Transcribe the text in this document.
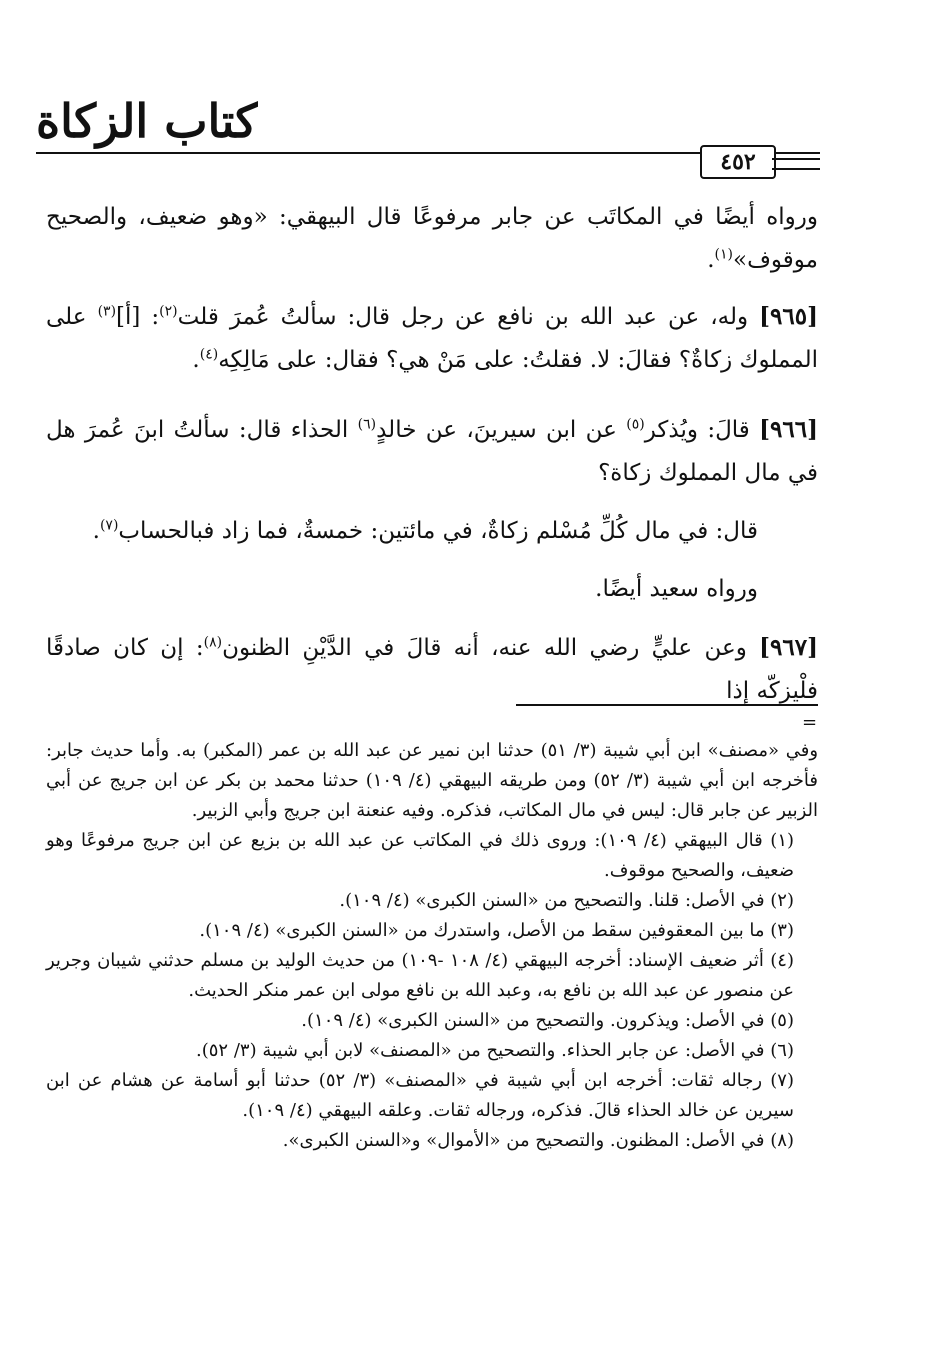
كتاب الزكاة
٤٥٢

ورواه أيضًا في المكاتَب عن جابر مرفوعًا قال البيهقي: «وهو ضعيف، والصحيح موقوف»$^{(١)}$.

[٩٦٥] وله، عن عبد الله بن نافع عن رجل قال: سألتُ عُمرَ قلت$^{(٢)}$: [أ]$^{(٣)}$ على المملوك زكاةٌ؟ فقالَ: لا. فقلتُ: على مَنْ هي؟ فقال: على مَالِكِه$^{(٤)}$.

[٩٦٦] قالَ: ويُذكر$^{(٥)}$ عن ابن سيرينَ، عن خالدٍ$^{(٦)}$ الحذاء قال: سألتُ ابنَ عُمرَ هل في مال المملوك زكاة؟

قال: في مال كُلِّ مُسْلم زكاةٌ، في مائتين: خمسةٌ، فما زاد فبالحساب$^{(٧)}$.

ورواه سعيد أيضًا.

[٩٦٧] وعن عليٍّ رضي الله عنه، أنه قالَ في الدَّيْنِ الظنون$^{(٨)}$: إن كان صادقًا فلْيزكّه إذا

=

وفي «مصنف» ابن أبي شيبة (٣/ ٥١) حدثنا ابن نمير عن عبد الله بن عمر (المكبر) به. وأما حديث جابر: فأخرجه ابن أبي شيبة (٣/ ٥٢) ومن طريقه البيهقي (٤/ ١٠٩) حدثنا محمد بن بكر عن ابن جريج عن أبي الزبير عن جابر قال: ليس في مال المكاتب، فذكره. وفيه عنعنة ابن جريج وأبي الزبير.

(١) قال البيهقي (٤/ ١٠٩): وروى ذلك في المكاتب عن عبد الله بن بزيع عن ابن جريج مرفوعًا وهو ضعيف، والصحيح موقوف.

(٢) في الأصل: قلنا. والتصحيح من «السنن الكبرى» (٤/ ١٠٩).

(٣) ما بين المعقوفين سقط من الأصل، واستدرك من «السنن الكبرى» (٤/ ١٠٩).

(٤) أثر ضعيف الإسناد: أخرجه البيهقي (٤/ ١٠٨ -١٠٩) من حديث الوليد بن مسلم حدثني شيبان وجرير عن منصور عن عبد الله بن نافع به، وعبد الله بن نافع مولى ابن عمر منكر الحديث.

(٥) في الأصل: ويذكرون. والتصحيح من «السنن الكبرى» (٤/ ١٠٩).

(٦) في الأصل: عن جابر الحذاء. والتصحيح من «المصنف» لابن أبي شيبة (٣/ ٥٢).

(٧) رجاله ثقات: أخرجه ابن أبي شيبة في «المصنف» (٣/ ٥٢) حدثنا أبو أسامة عن هشام عن ابن سيرين عن خالد الحذاء قالَ. فذكره، ورجاله ثقات. وعلقه البيهقي (٤/ ١٠٩).

(٨) في الأصل: المظنون. والتصحيح من «الأموال» و«السنن الكبرى».
